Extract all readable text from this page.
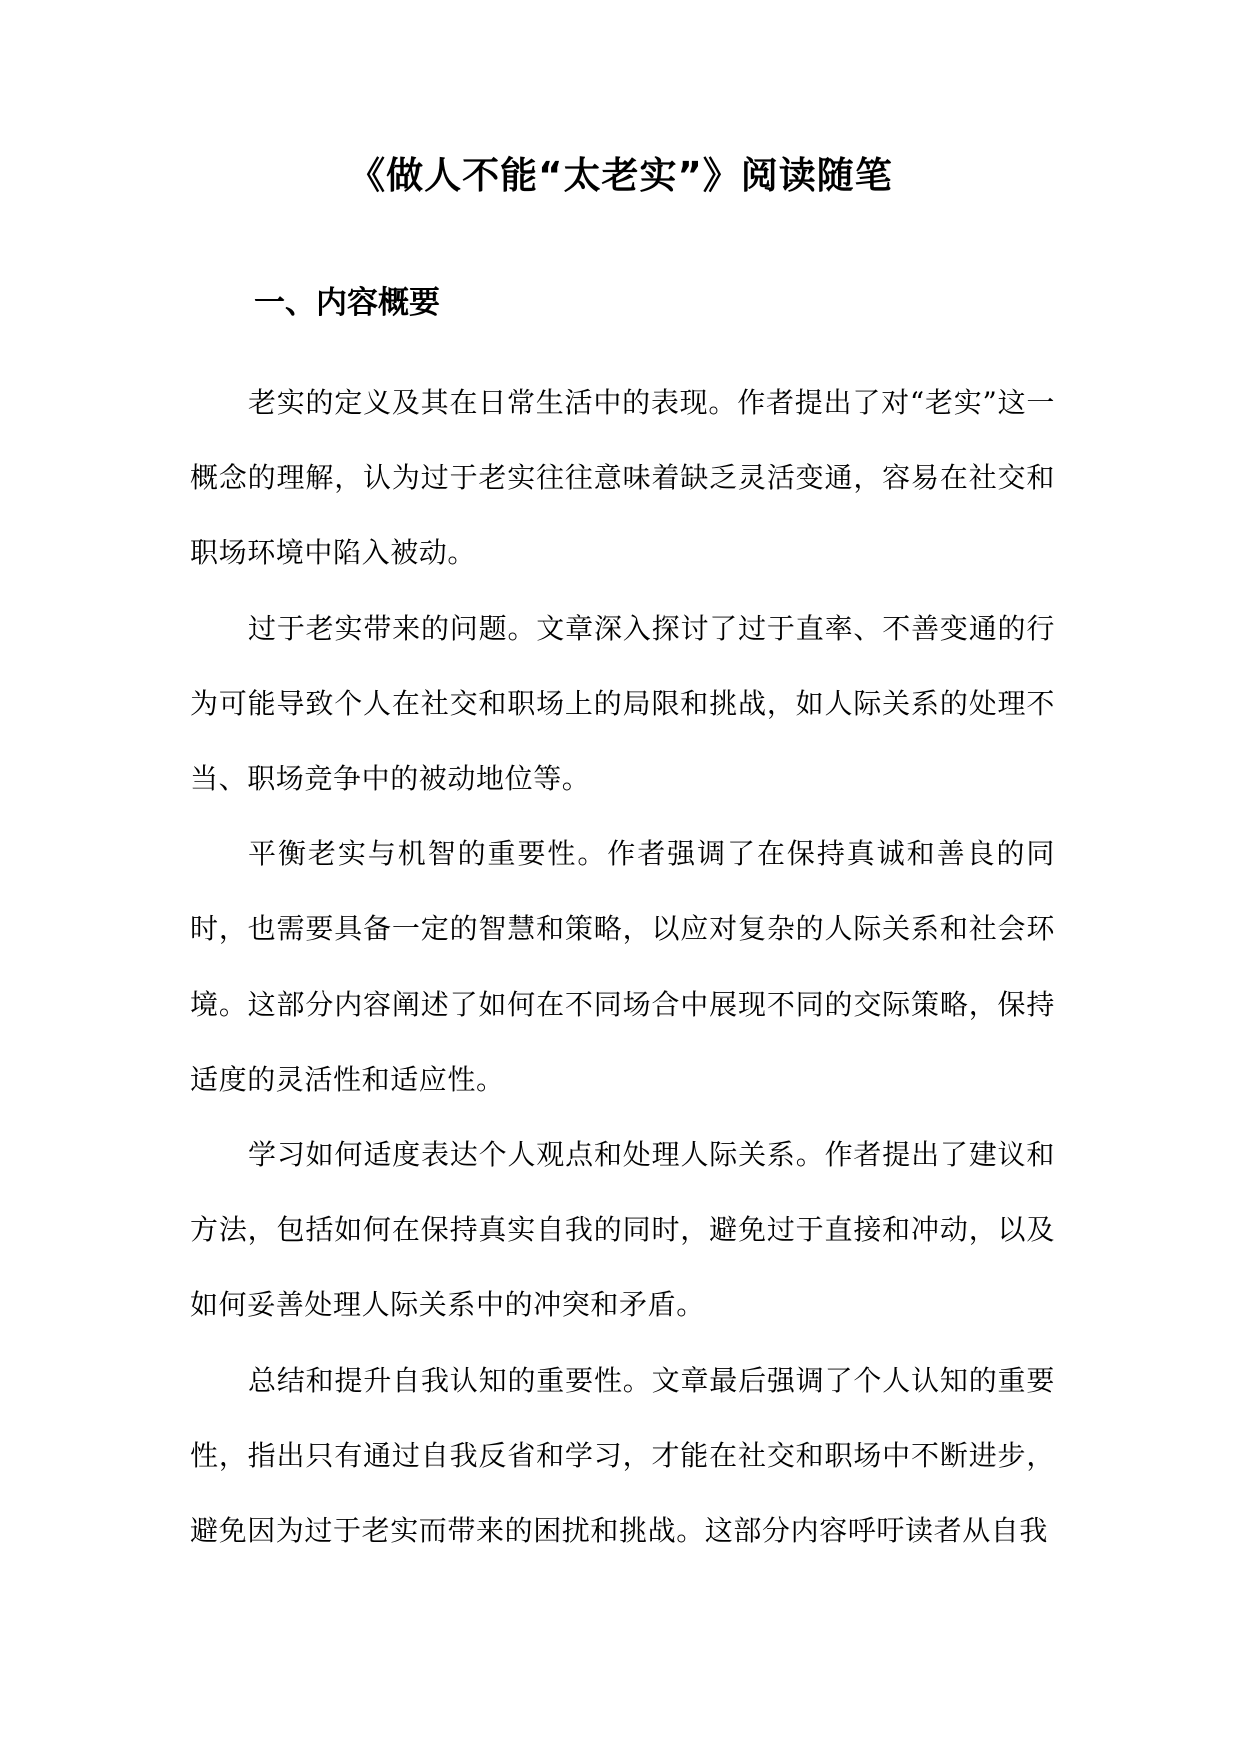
《做人不能“太老实”》阅读随笔
一、内容概要

老实的定义及其在日常生活中的表现。作者提出了对“老实”这一概念的理解，认为过于老实往往意味着缺乏灵活变通，容易在社交和职场环境中陷入被动。

过于老实带来的问题。文章深入探讨了过于直率、不善变通的行为可能导致个人在社交和职场上的局限和挑战，如人际关系的处理不当、职场竞争中的被动地位等。

平衡老实与机智的重要性。作者强调了在保持真诚和善良的同时，也需要具备一定的智慧和策略，以应对复杂的人际关系和社会环境。这部分内容阐述了如何在不同场合中展现不同的交际策略，保持适度的灵活性和适应性。

学习如何适度表达个人观点和处理人际关系。作者提出了建议和方法，包括如何在保持真实自我的同时，避免过于直接和冲动，以及如何妥善处理人际关系中的冲突和矛盾。

总结和提升自我认知的重要性。文章最后强调了个人认知的重要性，指出只有通过自我反省和学习，才能在社交和职场中不断进步，避免因为过于老实而带来的困扰和挑战。这部分内容呼吁读者从自我
